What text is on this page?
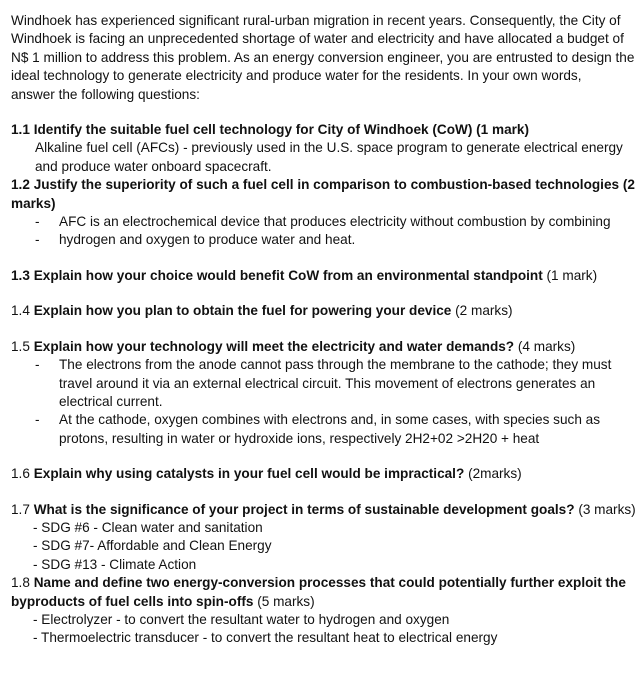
Windhoek has experienced significant rural-urban migration in recent years. Consequently, the City of Windhoek is facing an unprecedented shortage of water and electricity and have allocated a budget of N$ 1 million to address this problem. As an energy conversion engineer, you are entrusted to design the ideal technology to generate electricity and produce water for the residents. In your own words,

answer the following questions:

1.1 Identify the suitable fuel cell technology for City of Windhoek (CoW) (1 mark)

Alkaline fuel cell (AFCs) - previously used in the U.S. space program to generate electrical energy and produce water onboard spacecraft.

1.2 Justify the superiority of such a fuel cell in comparison to combustion-based technologies (2 marks)

-	AFC is an electrochemical device that produces electricity without combustion by combining
-	hydrogen and oxygen to produce water and heat.

1.3 Explain how your choice would benefit CoW from an environmental standpoint (1 mark)

1.4 Explain how you plan to obtain the fuel for powering your device (2 marks)

1.5 Explain how your technology will meet the electricity and water demands? (4 marks)

-	The electrons from the anode cannot pass through the membrane to the cathode; they must travel around it via an external electrical circuit. This movement of electrons generates an electrical current.
-	At the cathode, oxygen combines with electrons and, in some cases, with species such as protons, resulting in water or hydroxide ions, respectively 2H2+02 >2H20 + heat

1.6 Explain why using catalysts in your fuel cell would be impractical? (2marks)

1.7 What is the significance of your project in terms of sustainable development goals? (3 marks)

- SDG #6 - Clean water and sanitation

- SDG #7- Affordable and Clean Energy

- SDG #13 - Climate Action

1.8 Name and define two energy-conversion processes that could potentially further exploit the byproducts of fuel cells into spin-offs (5 marks)

- Electrolyzer - to convert the resultant water to hydrogen and oxygen

- Thermoelectric transducer - to convert the resultant heat to electrical energy
